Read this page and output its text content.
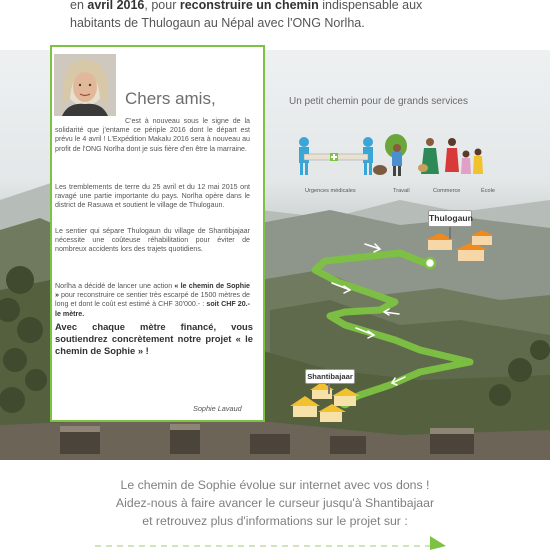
en avril 2016, pour reconstruire un chemin indispensable aux

habitants de Thulogaun au Népal avec l'ONG Norlha.

Un petit chemin pour de grands services
Urgences médicales	Travail	Commerce	École
Thulogaun
Shantibajaar
Chers amis,

C'est à nouveau sous le signe de la solidarité que j'entame ce périple 2016 dont le départ est prévu le 4 avril ! L'Expédition Makalu 2016 sera à nouveau au profit de l'ONG Norlha dont je suis fière d'en être la marraine.

Les tremblements de terre du 25 avril et du 12 mai 2015 ont ravagé une partie importante du pays. Norlha opère dans le district de Rasuwa et soutient le village de Thulogaun.

Le sentier qui sépare Thulogaun du village de Shantibjajaar nécessite une coûteuse réhabilitation pour éviter de nombreux accidents lors des trajets quotidiens.

Norlha a décidé de lancer une action « le chemin de Sophie » pour reconstruire ce sentier très escarpé de 1500 mètres de long et dont le coût est estimé à CHF 30'000.- : soit CHF 20.- le mètre.

Avec chaque mètre financé, vous soutiendrez concrètement notre projet « le chemin de Sophie » !

Sophie Lavaud

Le chemin de Sophie évolue sur internet avec vos dons !

Aidez-nous à faire avancer le curseur jusqu'à Shantibajaar

et retrouvez plus d'informations sur le projet sur :
